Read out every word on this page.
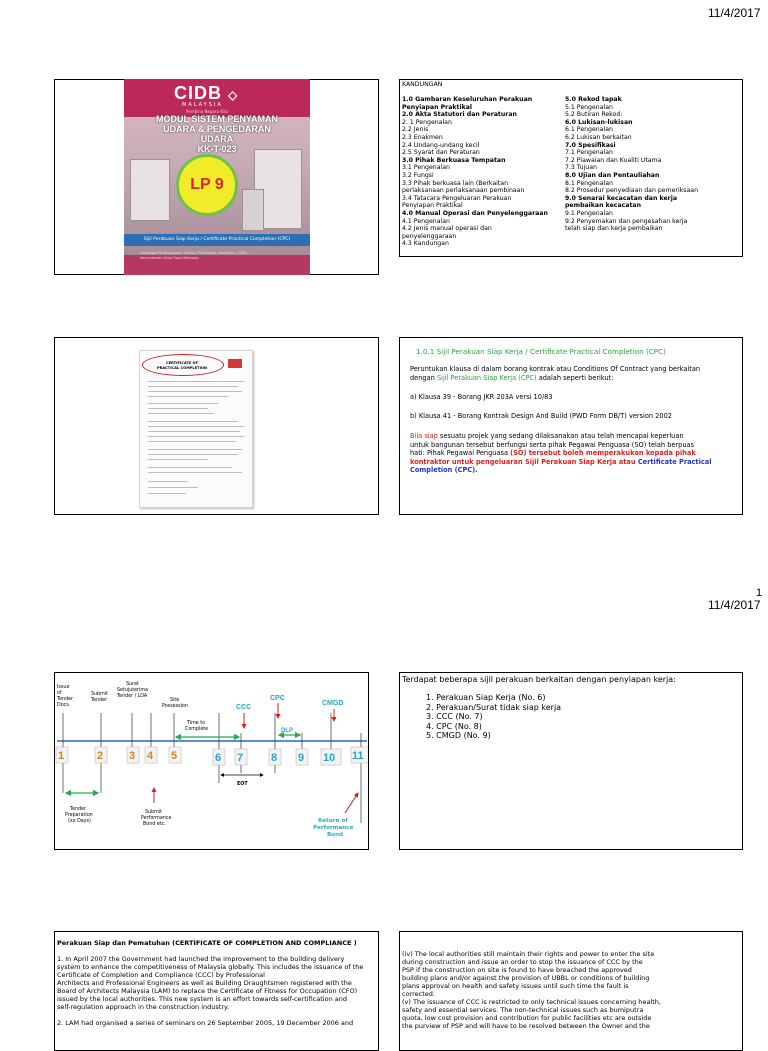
11/4/2017
CIDB ◇
MALAYSIA
Pembina Negara Kita
MODUL SISTEM PENYAMAN
UDARA & PENGEDARAN
UDARA
KK-T-023
LP 9
Sijil Perakuan Siap Kerja / Certificate Practical Completion (CPC)
Lembaga Pembangunan Industri Pembinaan Malaysia ( CIDB )
Kementerian Kerja Raya Malaysia
KANDUNGAN
1.0 Gambaran Keseluruhan Perakuan
Penyiapan Praktikal
2.0 Akta Statutori dan Peraturan
2. 1 Pengenalan
2.2 Jenis
2.3 Enakmen
2.4 Undang-undang kecil
2.5 Syarat dan Peraturan
3.0 Pihak Berkuasa Tempatan
3.1 Pengenalan
3.2 Fungsi
3.3 Pihak berkuasa lain (Berkaitan
perlaksanaan perlaksanaan pembinaan
3.4 Tatacara Pengeluaran Perakuan
Penyiapan Praktikal
4.0 Manual Operasi dan Penyelenggaraan
4.1 Pengenalan
4.2 Jenis manual operasi dan
penyelenggaraan
4.3 Kandungan
5.0 Rekod tapak
5.1 Pengenalan
5.2 Butiran Rekod:
6.0 Lukisan-lukisan
6.1 Pengenalan
6.2 Lukisan berkaitan
7.0 Spesifikasi
7.1 Pengenalan
7.2 Piawaian dan Kualiti Utama
7.3 Tujuan
8.0 Ujian dan Pentauliahan
8.1 Pengenalan
8.2 Prosedur penyediaan dan pemeriksaan
9.0 Senarai kecacatan dan kerja
pembaikan kecacatan
9.1 Pengenalan
9.2 Penyemakan dan pengesahan kerja
telah siap dan kerja pembaikan
CERTIFICATE OF
PRACTICAL COMPLETION
1.0.1 Sijil Perakuan Siap Kerja / Certificate Practical Completion (CPC)
Peruntukan klausa di dalam borang kontrak atau Conditions Of Contract yang berkaitan
dengan Sijil Perakuan Siap Kerja (CPC) adalah seperti berikut:
a) Klausa 39 - Borang JKR 203A versi 10/83
b) Klausa 41 - Borang Kontrak Design And Build (PWD Form DB/T) version 2002
Bila siap sesuatu projek yang sedang dilaksanakan atau telah mencapai keperluan
untuk bangunan tersebut berfungsi serta pihak Pegawai Penguasa (SO) telah berpuas
hati: Pihak Pegawai Penguasa (SO) tersebut boleh memperakukan kepada pihak
kontraktor untuk pengeluaran Sijil Perakuan Siap Kerja atau Certificate Practical
Completion (CPC).
1
11/4/2017
1	2 3 4 5	6 7	8 9 10 11
Issue
of
Tender
Docs.
Submit
Tender
Surat
Setujuterima
Tender / LOA
Site
Possession
Time to
Complete
EOT
Tender
Preparation
(xx Days)
Submit
Performance
Bond etc.
CCC
CPC
CMGD
DLP
Return of
Performance
Bond
Terdapat beberapa sijil perakuan berkaitan dengan penyiapan kerja:
1. Perakuan Siap Kerja (No. 6)
2. Perakuan/Surat tidak siap kerja
3. CCC (No. 7)
4. CPC (No. 8)
5. CMGD (No. 9)
Perakuan Siap dan Pematuhan (CERTIFICATE OF COMPLETION AND COMPLIANCE )
1. In April 2007 the Government had launched the improvement to the building delivery
system to enhance the competitiveness of Malaysia globally. This includes the issuance of the
Certificate of Completion and Compliance (CCC) by Professional
Architects and Professional Engineers as well as Building Draughtsmen registered with the
Board of Architects Malaysia (LAM) to replace the Certificate of Fitness for Occupation (CFO)
issued by the local authorities. This new system is an effort towards self-certification and
self-regulation approach in the construction industry.
2. LAM had organised a series of seminars on 26 September 2005, 19 December 2006 and
(iv) The local authorities still maintain their rights and power to enter the site
during construction and issue an order to stop the issuance of CCC by the
PSP if the construction on site is found to have breached the approved
building plans and/or against the provision of UBBL or conditions of building
plans approval on health and safety issues until such time the fault is
corrected.
(v) The issuance of CCC is restricted to only technical issues concerning health,
safety and essential services. The non-technical issues such as bumiputra
quota, low cost provision and contribution for public facilities etc are outside
the purview of PSP and will have to be resolved between the Owner and the
